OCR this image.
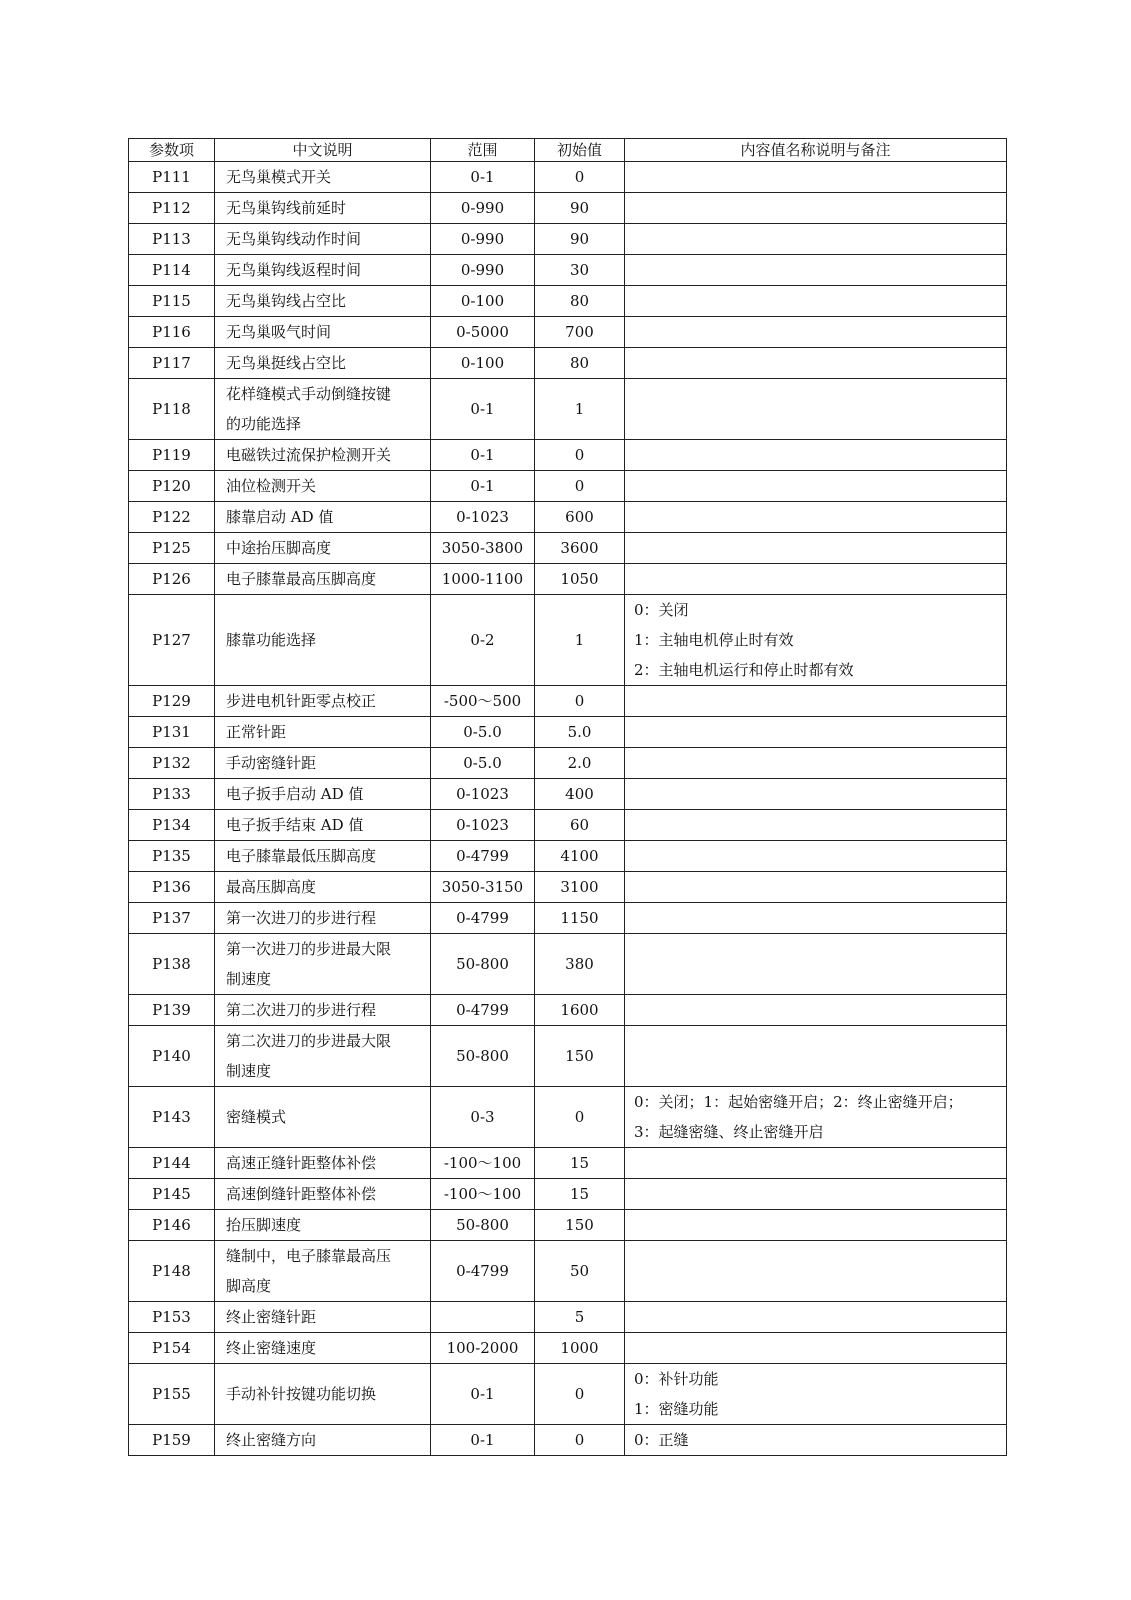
参数项	中文说明	范围	初始值	内容值名称说明与备注
P111	无鸟巢模式开关	0-1	0	
P112	无鸟巢钩线前延时	0-990	90	
P113	无鸟巢钩线动作时间	0-990	90	
P114	无鸟巢钩线返程时间	0-990	30	
P115	无鸟巢钩线占空比	0-100	80	
P116	无鸟巢吸气时间	0-5000	700	
P117	无鸟巢挺线占空比	0-100	80	
P118	花样缝模式手动倒缝按键
的功能选择	0-1	1	
P119	电磁铁过流保护检测开关	0-1	0	
P120	油位检测开关	0-1	0	
P122	膝靠启动 AD 值	0-1023	600	
P125	中途抬压脚高度	3050-3800	3600	
P126	电子膝靠最高压脚高度	1000-1100	1050	
P127	膝靠功能选择	0-2	1	0：关闭
1：主轴电机停止时有效
2：主轴电机运行和停止时都有效

P129	步进电机针距零点校正	-500～500	0	
P131	正常针距	0-5.0	5.0	
P132	手动密缝针距	0-5.0	2.0	
P133	电子扳手启动 AD 值	0-1023	400	
P134	电子扳手结束 AD 值	0-1023	60	
P135	电子膝靠最低压脚高度	0-4799	4100	
P136	最高压脚高度	3050-3150	3100	
P137	第一次进刀的步进行程	0-4799	1150	
P138	第一次进刀的步进最大限
制速度	50-800	380	
P139	第二次进刀的步进行程	0-4799	1600	
P140	第二次进刀的步进最大限
制速度	50-800	150	
P143	密缝模式	0-3	0	0：关闭；1：起始密缝开启；2：终止密缝开启；
3：起缝密缝、终止密缝开启

P144	高速正缝针距整体补偿	-100～100	15	
P145	高速倒缝针距整体补偿	-100～100	15	
P146	抬压脚速度	50-800	150	
P148	缝制中，电子膝靠最高压
脚高度	0-4799	50	
P153	终止密缝针距		5	
P154	终止密缝速度	100-2000	1000	
P155	手动补针按键功能切换	0-1	0	0：补针功能
1：密缝功能

P159	终止密缝方向	0-1	0	0：正缝
